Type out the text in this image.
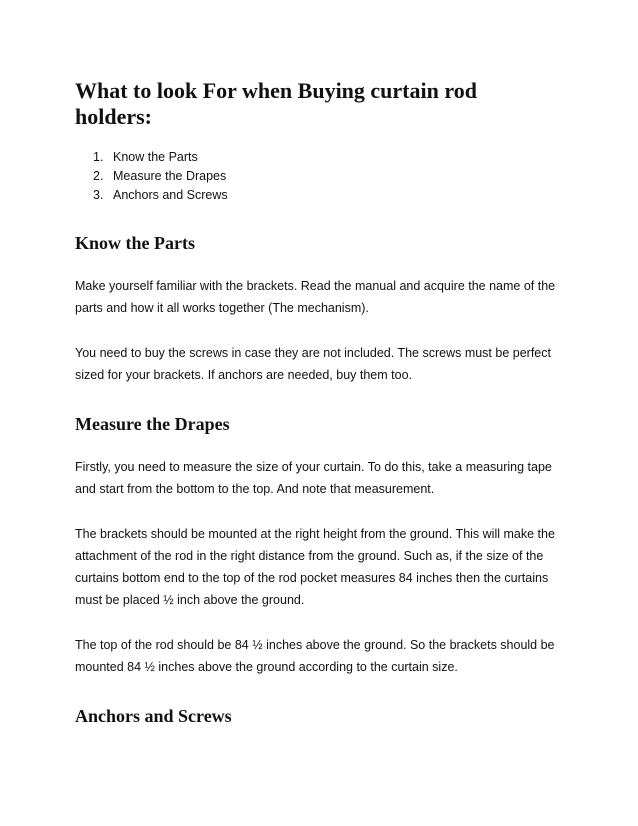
What to look For when Buying curtain rod holders:
1. Know the Parts
2. Measure the Drapes
3. Anchors and Screws
Know the Parts

Make yourself familiar with the brackets. Read the manual and acquire the name of the parts and how it all works together (The mechanism).

You need to buy the screws in case they are not included. The screws must be perfect sized for your brackets. If anchors are needed, buy them too.

Measure the Drapes

Firstly, you need to measure the size of your curtain. To do this, take a measuring tape and start from the bottom to the top. And note that measurement.

The brackets should be mounted at the right height from the ground. This will make the attachment of the rod in the right distance from the ground. Such as, if the size of the curtains bottom end to the top of the rod pocket measures 84 inches then the curtains must be placed ½ inch above the ground.

The top of the rod should be 84 ½ inches above the ground. So the brackets should be mounted 84 ½ inches above the ground according to the curtain size.

Anchors and Screws
